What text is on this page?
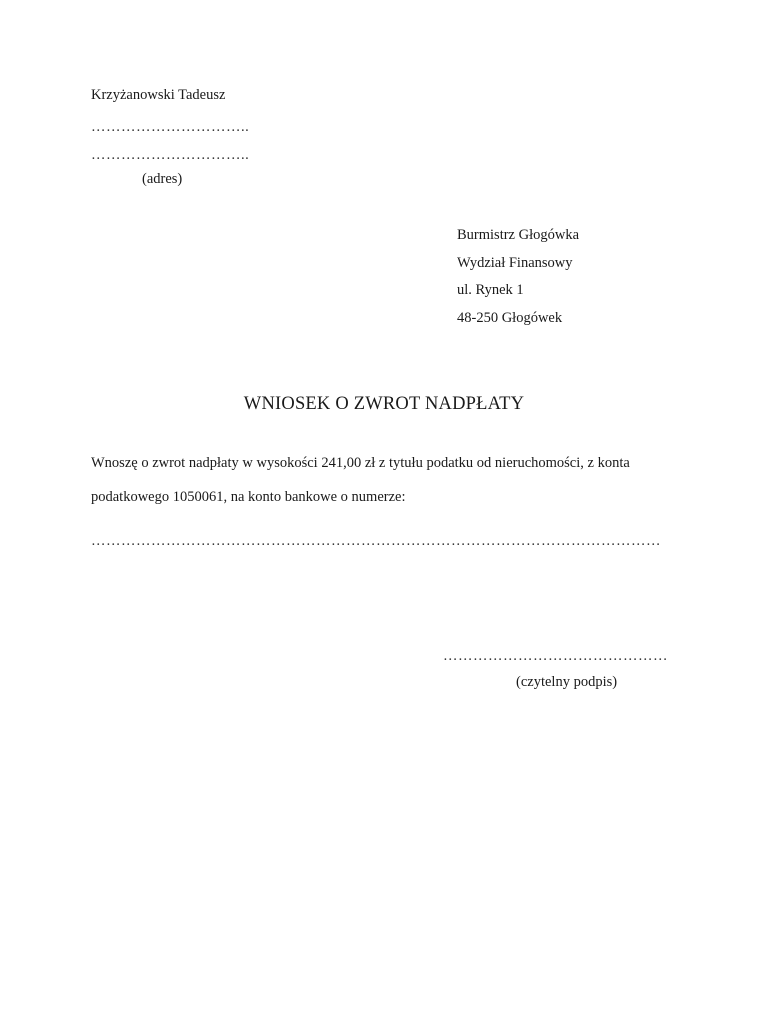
Krzyżanowski Tadeusz
…………………………..
…………………………..
(adres)
Burmistrz Głogówka
Wydział Finansowy
ul. Rynek 1
48-250 Głogówek
WNIOSEK O ZWROT NADPŁATY
Wnoszę o zwrot nadpłaty w wysokości 241,00 zł z tytułu podatku od nieruchomości, z konta
podatkowego 1050061, na konto bankowe o numerze:
……………………………………………………………………………………………………
………………………………………
(czytelny podpis)
